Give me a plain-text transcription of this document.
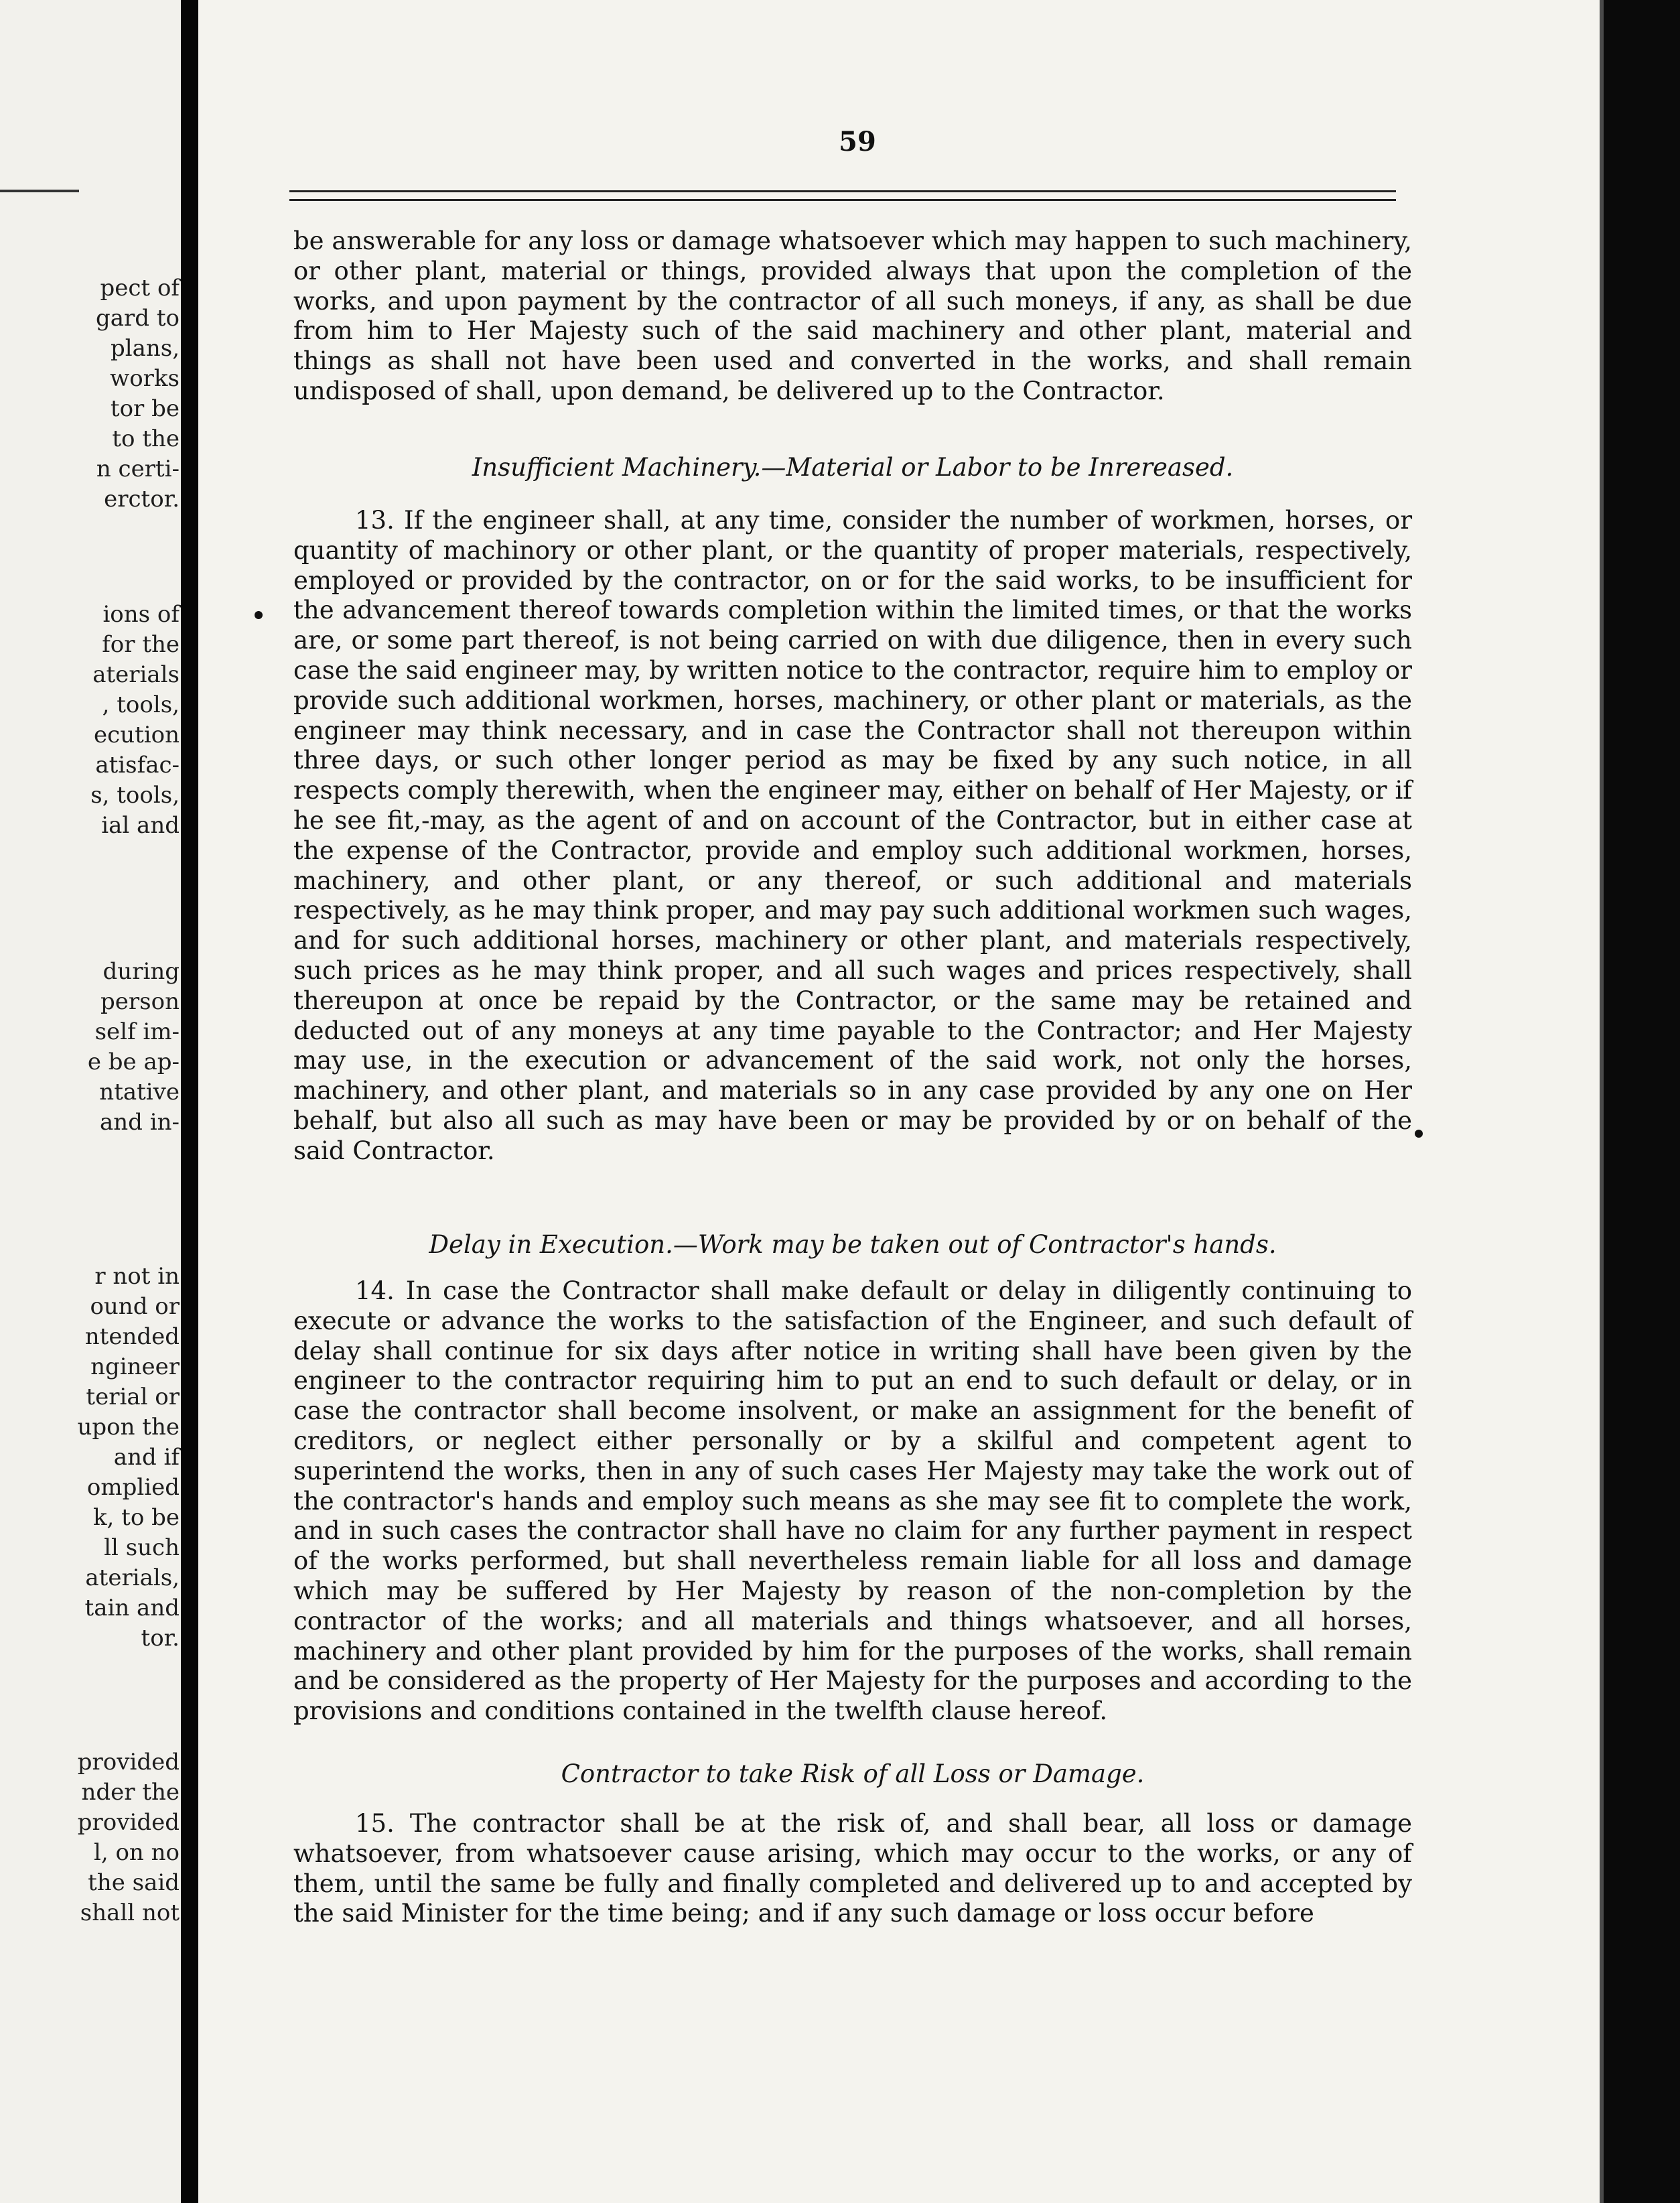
pect of
gard to
plans,
works
tor be
to the
n certi-
erctor.
ions of
for the
aterials
, tools,
ecution
atisfac-
s, tools,
ial and
during
person
self im-
e be ap-
ntative
and in-
r not in
ound or
ntended
ngineer
terial or
upon the
and if
omplied
k, to be
ll such
aterials,
tain and
tor.
provided
nder the
provided
l, on no
the said
shall not
59

be answerable for any loss or damage whatsoever which may happen to such machinery, or other plant, material or things, provided always that upon the completion of the works, and upon payment by the contractor of all such moneys, if any, as shall be due from him to Her Majesty such of the said machinery and other plant, material and things as shall not have been used and converted in the works, and shall remain undisposed of shall, upon demand, be delivered up to the Contractor.

Insufficient Machinery.—Material or Labor to be Inrereased.

13. If the engineer shall, at any time, consider the number of workmen, horses, or quantity of machinory or other plant, or the quantity of proper materials, respectively, employed or provided by the contractor, on or for the said works, to be insufficient for the advancement thereof towards completion within the limited times, or that the works are, or some part thereof, is not being carried on with due diligence, then in every such case the said engineer may, by written notice to the contractor, require him to employ or provide such additional workmen, horses, machinery, or other plant or materials, as the engineer may think necessary, and in case the Contractor shall not thereupon within three days, or such other longer period as may be fixed by any such notice, in all respects comply therewith, when the engineer may, either on behalf of Her Majesty, or if he see fit,-may, as the agent of and on account of the Contractor, but in either case at the expense of the Contractor, provide and employ such additional workmen, horses, machinery, and other plant, or any thereof, or such additional and materials respectively, as he may think proper, and may pay such additional workmen such wages, and for such additional horses, machinery or other plant, and materials respectively, such prices as he may think proper, and all such wages and prices respectively, shall thereupon at once be repaid by the Contractor, or the same may be retained and deducted out of any moneys at any time payable to the Contractor; and Her Majesty may use, in the execution or advancement of the said work, not only the horses, machinery, and other plant, and materials so in any case provided by any one on Her behalf, but also all such as may have been or may be provided by or on behalf of the said Contractor.

Delay in Execution.—Work may be taken out of Contractor's hands.

14. In case the Contractor shall make default or delay in diligently continuing to execute or advance the works to the satisfaction of the Engineer, and such default of delay shall continue for six days after notice in writing shall have been given by the engineer to the contractor requiring him to put an end to such default or delay, or in case the contractor shall become insolvent, or make an assignment for the benefit of creditors, or neglect either personally or by a skilful and competent agent to superintend the works, then in any of such cases Her Majesty may take the work out of the contractor's hands and employ such means as she may see fit to complete the work, and in such cases the contractor shall have no claim for any further payment in respect of the works performed, but shall nevertheless remain liable for all loss and damage which may be suffered by Her Majesty by reason of the non-completion by the contractor of the works; and all materials and things whatsoever, and all horses, machinery and other plant provided by him for the purposes of the works, shall remain and be considered as the property of Her Majesty for the purposes and according to the provisions and conditions contained in the twelfth clause hereof.

Contractor to take Risk of all Loss or Damage.

15. The contractor shall be at the risk of, and shall bear, all loss or damage whatsoever, from whatsoever cause arising, which may occur to the works, or any of them, until the same be fully and finally completed and delivered up to and accepted by the said Minister for the time being; and if any such damage or loss occur before
